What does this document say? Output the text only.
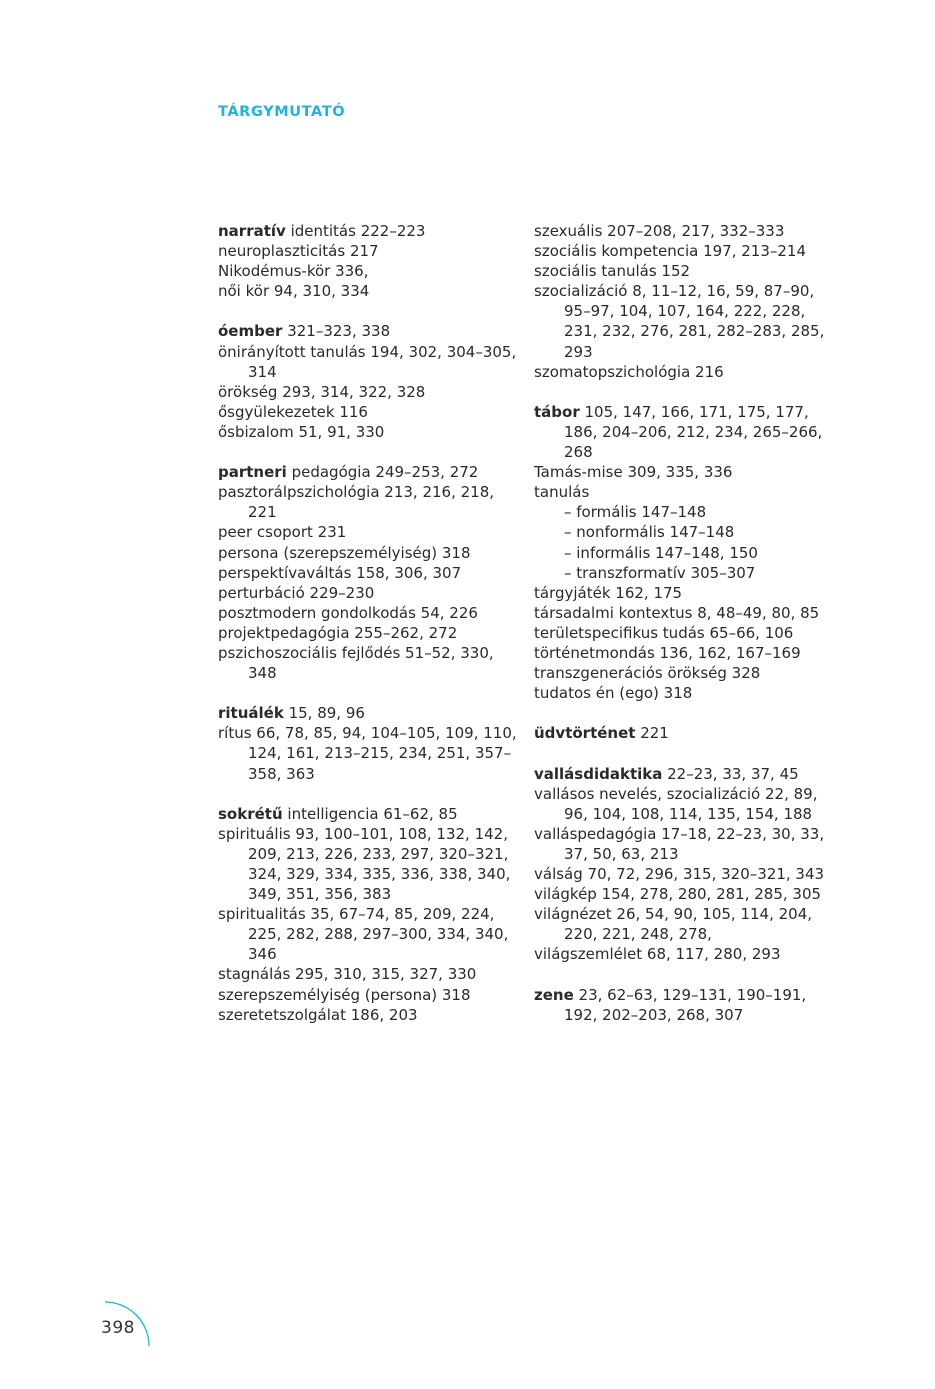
TÁRGYMUTATÓ
narratív identitás 222–223
neuroplaszticitás 217
Nikodémus-kör 336,
női kör 94, 310, 334
óember 321–323, 338
önirányított tanulás 194, 302, 304–305, 314
örökség 293, 314, 322, 328
ősgyülekezetek 116
ősbizalom 51, 91, 330
partneri pedagógia 249–253, 272
pasztorálpszichológia 213, 216, 218, 221
peer csoport 231
persona (szerepszemélyiség) 318
perspektívaváltás 158, 306, 307
perturbáció 229–230
posztmodern gondolkodás 54, 226
projektpedagógia 255–262, 272
pszichoszociális fejlődés 51–52, 330, 348
rituálék 15, 89, 96
rítus 66, 78, 85, 94, 104–105, 109, 110, 124, 161, 213–215, 234, 251, 357–358, 363
sokrétű intelligencia 61–62, 85
spirituális 93, 100–101, 108, 132, 142, 209, 213, 226, 233, 297, 320–321, 324, 329, 334, 335, 336, 338, 340, 349, 351, 356, 383
spiritualitás 35, 67–74, 85, 209, 224, 225, 282, 288, 297–300, 334, 340, 346
stagnálás 295, 310, 315, 327, 330
szerepszemélyiség (persona) 318
szeretetszolgálat 186, 203
szexuális 207–208, 217, 332–333
szociális kompetencia 197, 213–214
szociális tanulás 152
szocializáció 8, 11–12, 16, 59, 87–90, 95–97, 104, 107, 164, 222, 228, 231, 232, 276, 281, 282–283, 285, 293
szomatopszichológia 216
tábor 105, 147, 166, 171, 175, 177, 186, 204–206, 212, 234, 265–266, 268
Tamás-mise 309, 335, 336
tanulás
– formális 147–148
– nonformális 147–148
– informális 147–148, 150
– transzformatív 305–307
tárgyjáték 162, 175
társadalmi kontextus 8, 48–49, 80, 85
területspecifikus tudás 65–66, 106
történetmondás 136, 162, 167–169
transzgenerációs örökség 328
tudatos én (ego) 318
üdvtörténet 221
vallásdidaktika 22–23, 33, 37, 45
vallásos nevelés, szocializáció 22, 89, 96, 104, 108, 114, 135, 154, 188
valláspedagógia 17–18, 22–23, 30, 33, 37, 50, 63, 213
válság 70, 72, 296, 315, 320–321, 343
világkép 154, 278, 280, 281, 285, 305
világnézet 26, 54, 90, 105, 114, 204, 220, 221, 248, 278,
világszemlélet 68, 117, 280, 293
zene 23, 62–63, 129–131, 190–191, 192, 202–203, 268, 307
398
